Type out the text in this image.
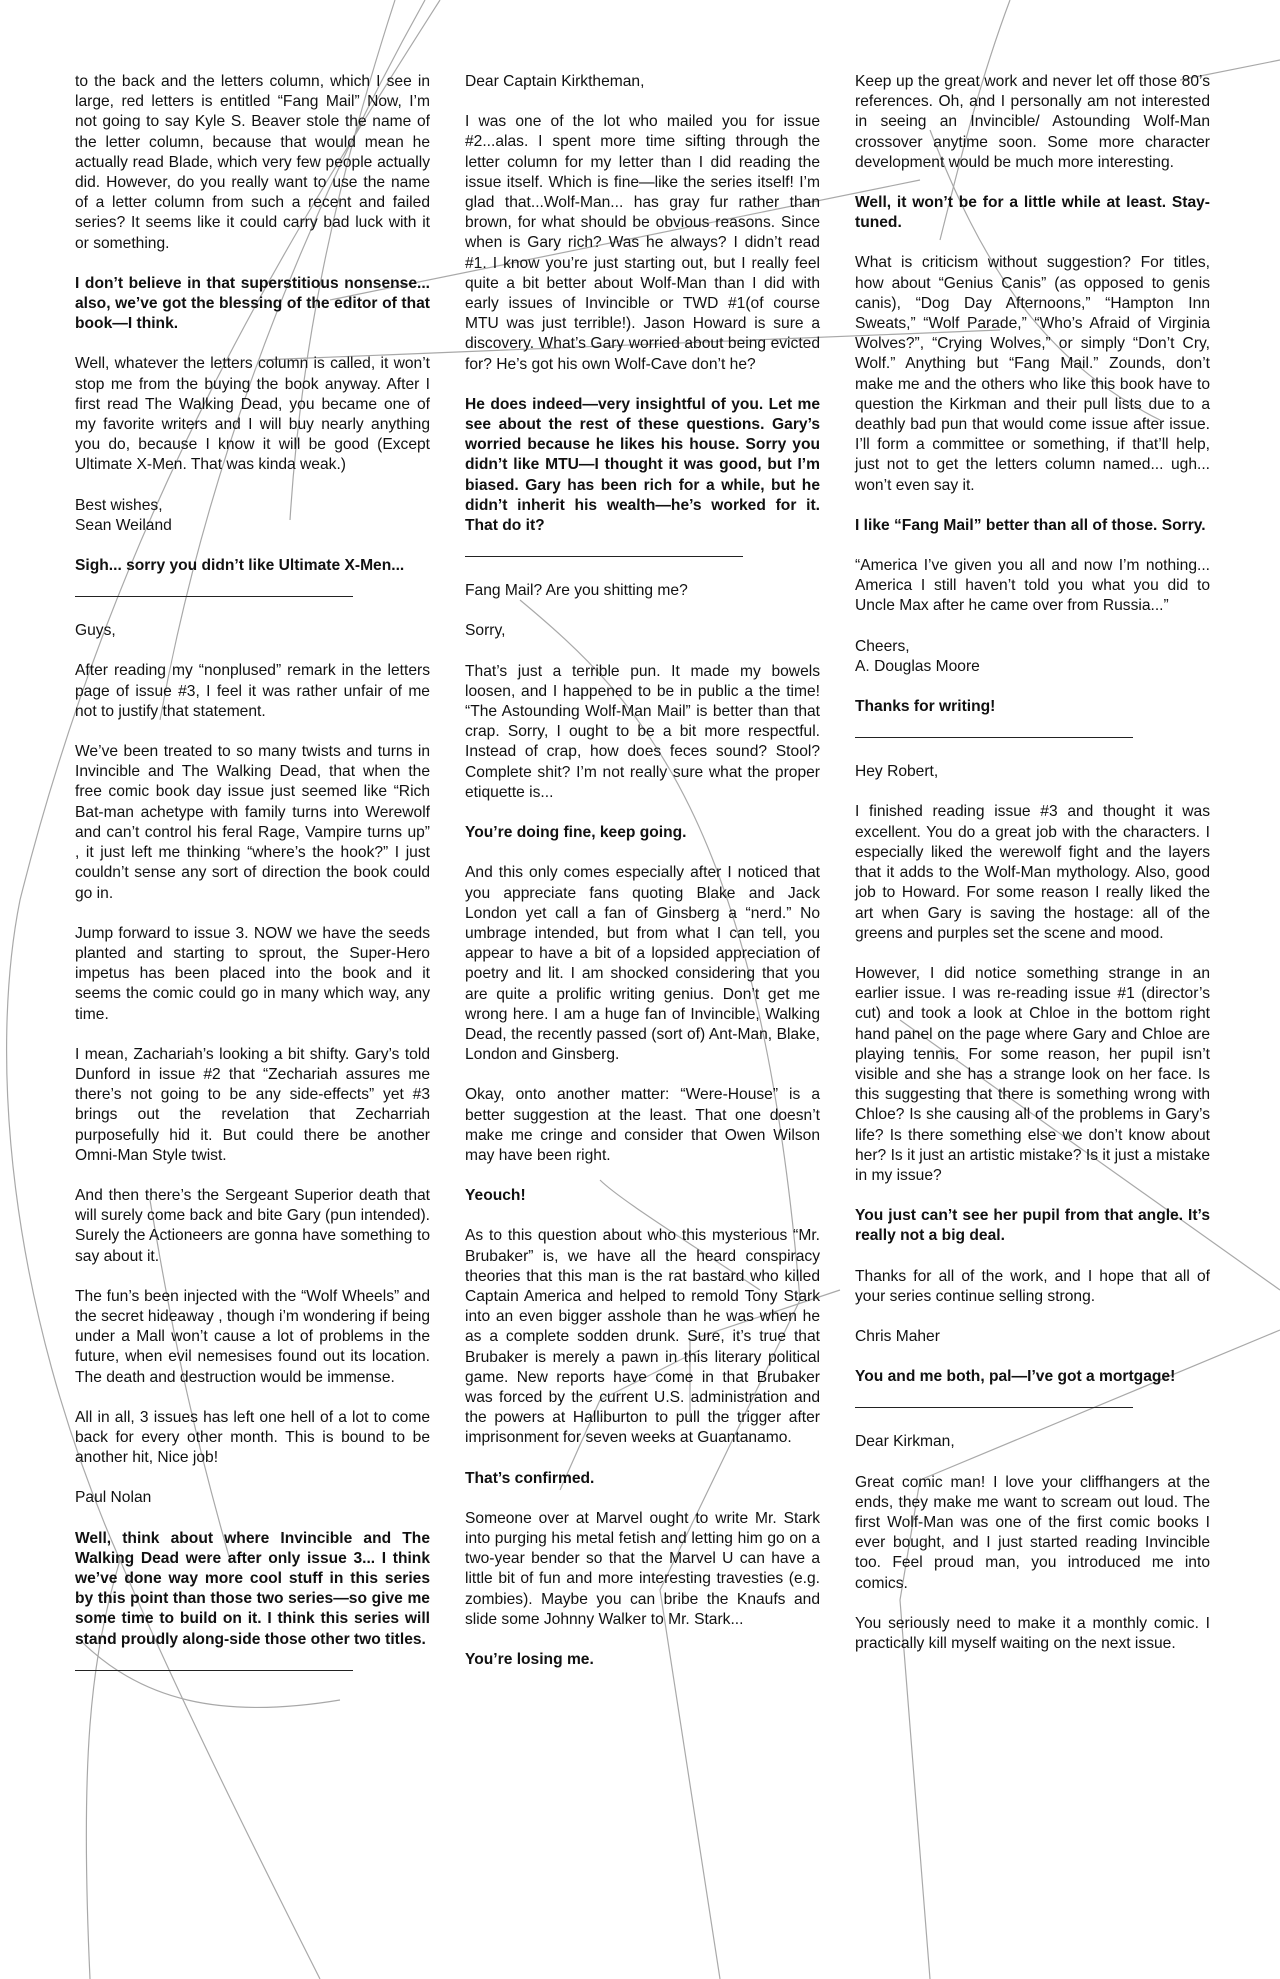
to the back and the letters column, which I see in large, red letters is entitled “Fang Mail” Now, I’m not going to say Kyle S. Beaver stole the name of the letter column, because that would mean he actually read Blade, which very few people actually did. However, do you really want to use the name of a letter column from such a recent and failed series? It seems like it could carry bad luck with it or something.

I don’t believe in that superstitious nonsense... also, we’ve got the blessing of the editor of that book—I think.

Well, whatever the letters column is called, it won’t stop me from the buying the book anyway. After I first read The Walking Dead, you became one of my favorite writers and I will buy nearly anything you do, because I know it will be good (Except Ultimate X-Men. That was kinda weak.)

Best wishes,
Sean Weiland

Sigh... sorry you didn’t like Ultimate X-Men...

Guys,

After reading my “nonplused” remark in the letters page of issue #3, I feel it was rather unfair of me not to justify that statement.

We’ve been treated to so many twists and turns in Invincible and The Walking Dead, that when the free comic book day issue just seemed like “Rich Bat-man achetype with family turns into Werewolf and can’t control his feral Rage, Vampire turns up” , it just left me thinking “where’s the hook?” I just couldn’t sense any sort of direction the book could go in.

Jump forward to issue 3. NOW we have the seeds planted and starting to sprout, the Super-Hero impetus has been placed into the book and it seems the comic could go in many which way, any time.

I mean, Zachariah’s looking a bit shifty. Gary’s told Dunford in issue #2 that “Zechariah assures me there’s not going to be any side-effects” yet #3 brings out the revelation that Zecharriah purposefully hid it. But could there be another Omni-Man Style twist.

And then there’s the Sergeant Superior death that will surely come back and bite Gary (pun intended). Surely the Actioneers are gonna have something to say about it.

The fun’s been injected with the “Wolf Wheels” and the secret hideaway , though i’m wondering if being under a Mall won’t cause a lot of problems in the future, when evil nemesises found out its location. The death and destruction would be immense.

All in all, 3 issues has left one hell of a lot to come back for every other month. This is bound to be another hit, Nice job!

Paul Nolan

Well, think about where Invincible and The Walking Dead were after only issue 3... I think we’ve done way more cool stuff in this series by this point than those two series—so give me some time to build on it. I think this series will stand proudly along-side those other two titles.

Dear Captain Kirktheman,

I was one of the lot who mailed you for issue #2...alas. I spent more time sifting through the letter column for my letter than I did reading the issue itself. Which is fine—like the series itself! I’m glad that...Wolf-Man... has gray fur rather than brown, for what should be obvious reasons. Since when is Gary rich? Was he always? I didn’t read #1. I know you’re just starting out, but I really feel quite a bit better about Wolf-Man than I did with early issues of Invincible or TWD #1(of course MTU was just terrible!). Jason Howard is sure a discovery. What’s Gary worried about being evicted for? He’s got his own Wolf-Cave don’t he?

He does indeed—very insightful of you. Let me see about the rest of these questions. Gary’s worried because he likes his house. Sorry you didn’t like MTU—I thought it was good, but I’m biased. Gary has been rich for a while, but he didn’t inherit his wealth—he’s worked for it. That do it?

Fang Mail? Are you shitting me?

Sorry,

That’s just a terrible pun. It made my bowels loosen, and I happened to be in public a the time! “The Astounding Wolf-Man Mail” is better than that crap. Sorry, I ought to be a bit more respectful. Instead of crap, how does feces sound? Stool? Complete shit? I’m not really sure what the proper etiquette is...

You’re doing fine, keep going.

And this only comes especially after I noticed that you appreciate fans quoting Blake and Jack London yet call a fan of Ginsberg a “nerd.” No umbrage intended, but from what I can tell, you appear to have a bit of a lopsided appreciation of poetry and lit. I am shocked considering that you are quite a prolific writing genius. Don’t get me wrong here. I am a huge fan of Invincible, Walking Dead, the recently passed (sort of) Ant-Man, Blake, London and Ginsberg.

Okay, onto another matter: “Were-House” is a better suggestion at the least. That one doesn’t make me cringe and consider that Owen Wilson may have been right.

Yeouch!

As to this question about who this mysterious “Mr. Brubaker” is, we have all the heard conspiracy theories that this man is the rat bastard who killed Captain America and helped to remold Tony Stark into an even bigger asshole than he was when he as a complete sodden drunk. Sure, it’s true that Brubaker is merely a pawn in this literary political game. New reports have come in that Brubaker was forced by the current U.S. administration and the powers at Halliburton to pull the trigger after imprisonment for seven weeks at Guantanamo.

That’s confirmed.

Someone over at Marvel ought to write Mr. Stark into purging his metal fetish and letting him go on a two-year bender so that the Marvel U can have a little bit of fun and more interesting travesties (e.g. zombies). Maybe you can bribe the Knaufs and slide some Johnny Walker to Mr. Stark...

You’re losing me.

Keep up the great work and never let off those 80’s references. Oh, and I personally am not interested in seeing an Invincible/ Astounding Wolf-Man crossover anytime soon. Some more character development would be much more interesting.

Well, it won’t be for a little while at least. Stay-tuned.

What is criticism without suggestion? For titles, how about “Genius Canis” (as opposed to genis canis), “Dog Day Afternoons,” “Hampton Inn Sweats,” “Wolf Parade,” “Who’s Afraid of Virginia Wolves?”, “Crying Wolves,” or simply “Don’t Cry, Wolf.” Anything but “Fang Mail.” Zounds, don’t make me and the others who like this book have to question the Kirkman and their pull lists due to a deathly bad pun that would come issue after issue. I’ll form a committee or something, if that’ll help, just not to get the letters column named... ugh... won’t even say it.

I like “Fang Mail” better than all of those. Sorry.

“America I’ve given you all and now I’m nothing... America I still haven’t told you what you did to Uncle Max after he came over from Russia...”

Cheers,
A. Douglas Moore

Thanks for writing!

Hey Robert,

I finished reading issue #3 and thought it was excellent. You do a great job with the characters. I especially liked the werewolf fight and the layers that it adds to the Wolf-Man mythology. Also, good job to Howard. For some reason I really liked the art when Gary is saving the hostage: all of the greens and purples set the scene and mood.

However, I did notice something strange in an earlier issue. I was re-reading issue #1 (director’s cut) and took a look at Chloe in the bottom right hand panel on the page where Gary and Chloe are playing tennis. For some reason, her pupil isn’t visible and she has a strange look on her face. Is this suggesting that there is something wrong with Chloe? Is she causing all of the problems in Gary’s life? Is there something else we don’t know about her? Is it just an artistic mistake? Is it just a mistake in my issue?

You just can’t see her pupil from that angle. It’s really not a big deal.

Thanks for all of the work, and I hope that all of your series continue selling strong.

Chris Maher

You and me both, pal—I’ve got a mortgage!

Dear Kirkman,

Great comic man! I love your cliffhangers at the ends, they make me want to scream out loud. The first Wolf-Man was one of the first comic books I ever bought, and I just started reading Invincible too. Feel proud man, you introduced me into comics.

You seriously need to make it a monthly comic. I practically kill myself waiting on the next issue.
